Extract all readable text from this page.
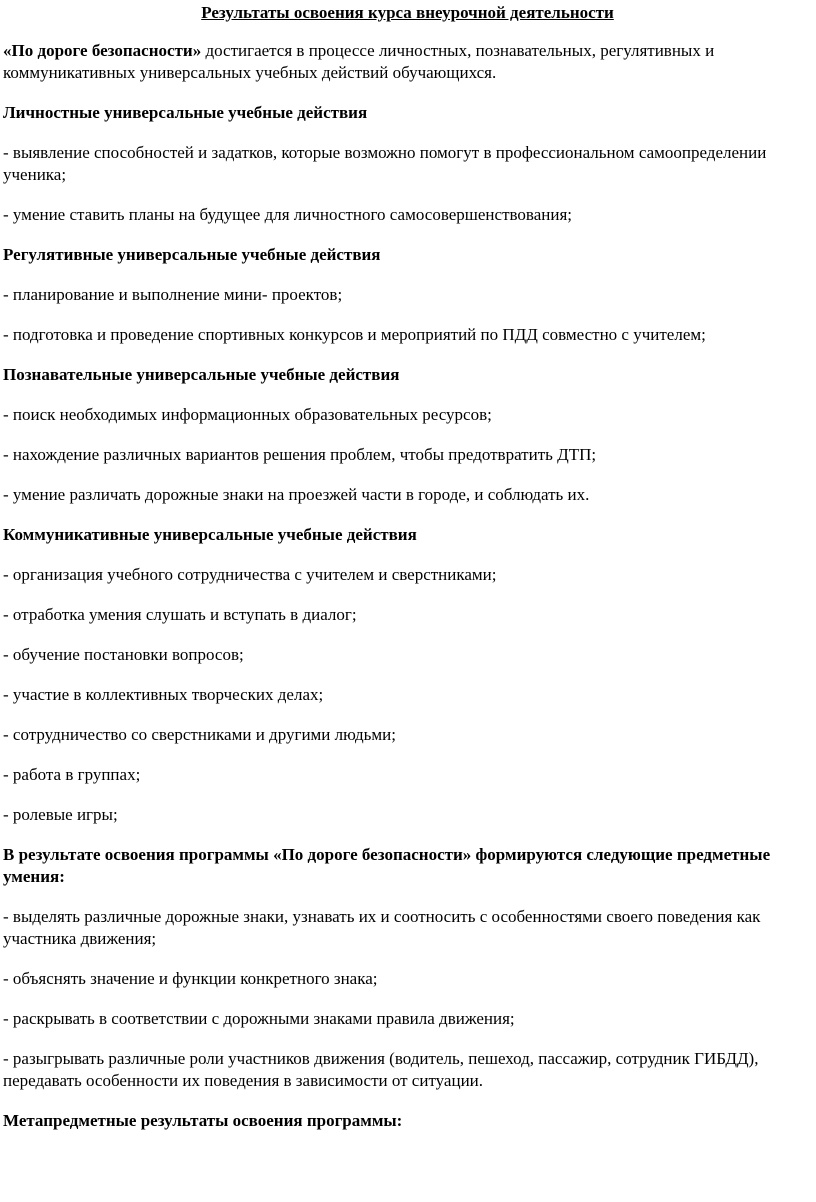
Результаты освоения курса внеурочной деятельности
«По дороге безопасности» достигается в процессе личностных, познавательных, регулятивных и коммуникативных универсальных учебных действий обучающихся.
Личностные универсальные учебные действия
- выявление способностей и задатков, которые возможно помогут в профессиональном самоопределении ученика;
- умение ставить планы на будущее для личностного самосовершенствования;
Регулятивные универсальные учебные действия
- планирование и выполнение мини- проектов;
- подготовка и проведение спортивных конкурсов и мероприятий по ПДД совместно с учителем;
Познавательные универсальные учебные действия
- поиск необходимых информационных образовательных ресурсов;
- нахождение различных вариантов решения проблем, чтобы предотвратить ДТП;
- умение различать дорожные знаки на проезжей части в городе, и соблюдать их.
Коммуникативные универсальные учебные действия
- организация учебного сотрудничества с учителем и сверстниками;
- отработка умения слушать и вступать в диалог;
- обучение постановки вопросов;
- участие в коллективных творческих делах;
- сотрудничество со сверстниками и другими людьми;
- работа в группах;
- ролевые игры;
В результате освоения программы «По дороге безопасности» формируются следующие предметные умения:
- выделять различные дорожные знаки, узнавать их и соотносить с особенностями своего поведения как участника движения;
- объяснять значение и функции конкретного знака;
- раскрывать в соответствии с дорожными знаками правила движения;
- разыгрывать различные роли участников движения (водитель, пешеход, пассажир, сотрудник ГИБДД), передавать особенности их поведения в зависимости от ситуации.
Метапредметные результаты освоения программы:
